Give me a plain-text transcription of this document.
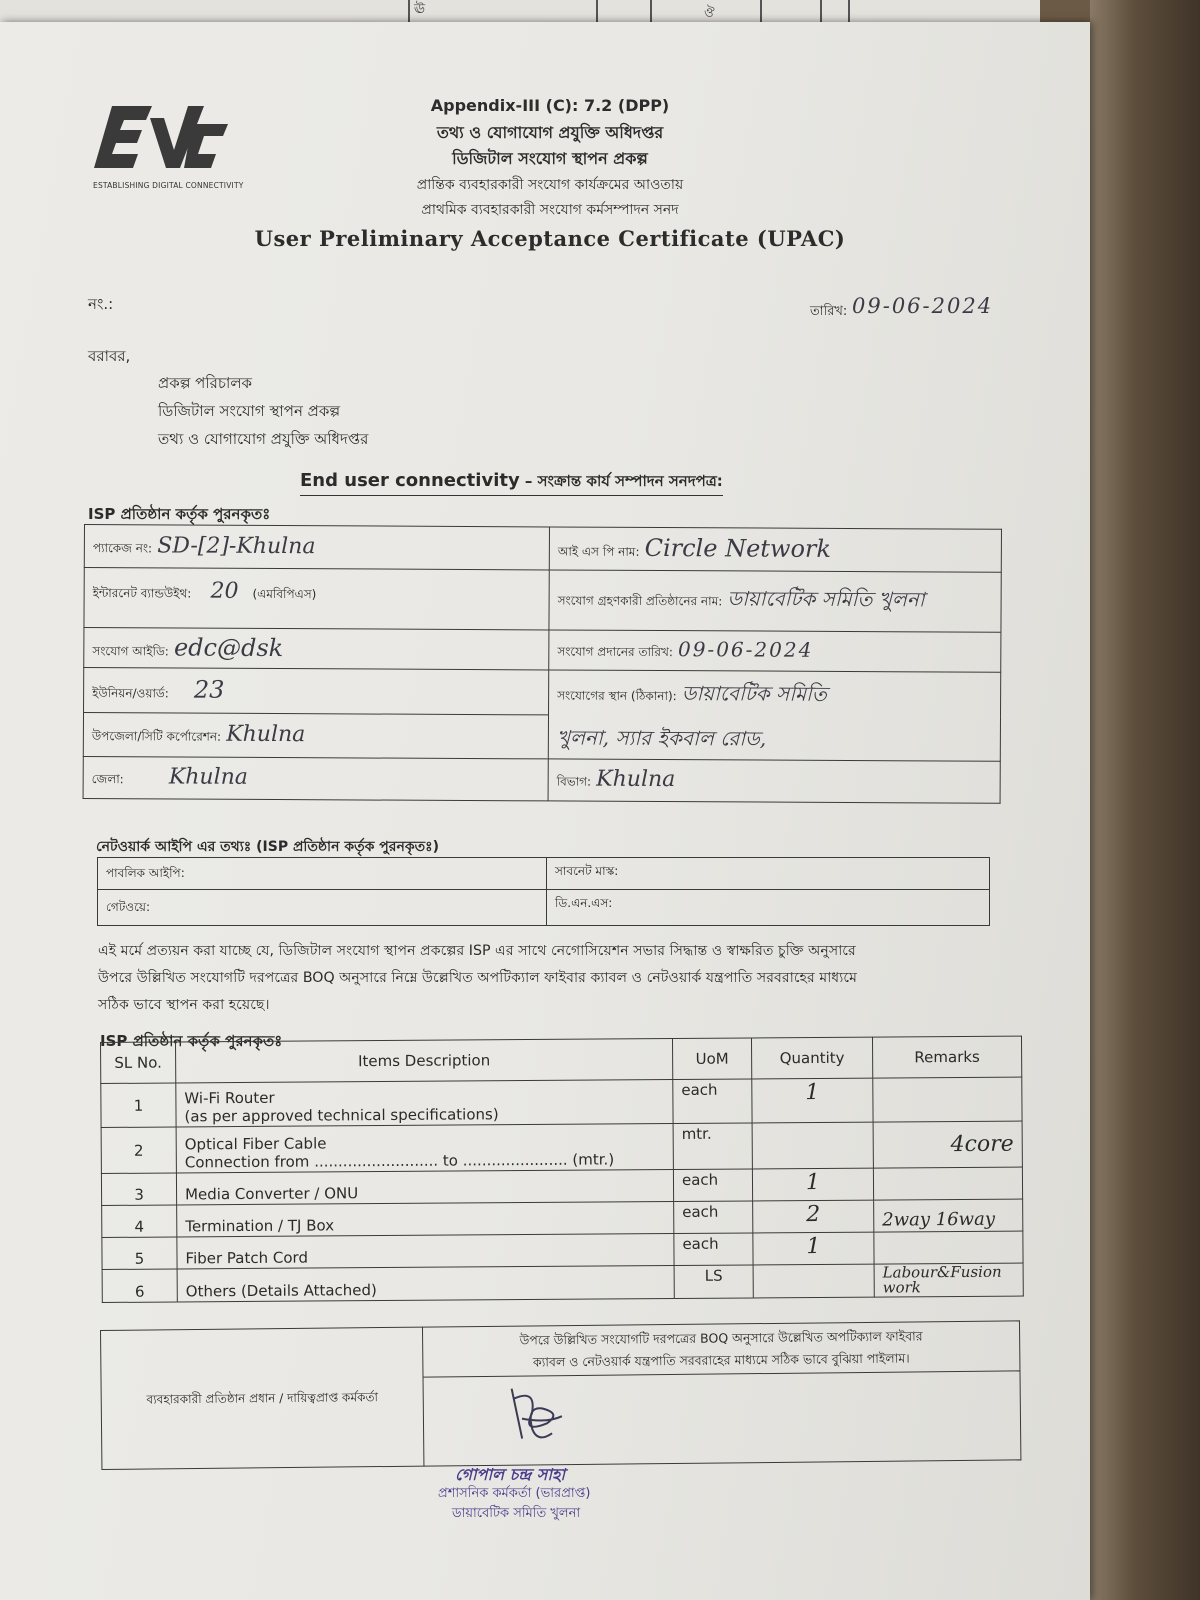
ঊ	ঔ
ESTABLISHING DIGITAL CONNECTIVITY
Appendix-III (C): 7.2 (DPP)
তথ্য ও যোগাযোগ প্রযুক্তি অধিদপ্তর
ডিজিটাল সংযোগ স্থাপন প্রকল্প
প্রান্তিক ব্যবহারকারী সংযোগ কার্যক্রমের আওতায়
প্রাথমিক ব্যবহারকারী সংযোগ কর্মসম্পাদন সনদ
User Preliminary Acceptance Certificate (UPAC)
নং.:	তারিখ: 09-06-2024
বরাবর,
প্রকল্প পরিচালক
ডিজিটাল সংযোগ স্থাপন প্রকল্প
তথ্য ও যোগাযোগ প্রযুক্তি অধিদপ্তর
End user connectivity – সংক্রান্ত কার্য সম্পাদন সনদপত্র:
ISP প্রতিষ্ঠান কর্তৃক পুরনকৃতঃ
প্যাকেজ নং: SD-[2]-Khulna	আই এস পি নাম: Circle Network
ইন্টারনেট ব্যান্ডউইথ: 20 (এমবিপিএস)	সংযোগ গ্রহণকারী প্রতিষ্ঠানের নাম: ডায়াবেটিক সমিতি খুলনা
সংযোগ আইডি: edc@dsk	সংযোগ প্রদানের তারিখ: 09-06-2024
ইউনিয়ন/ওয়ার্ড: 23	সংযোগের স্থান (ঠিকানা): ডায়াবেটিক সমিতি
খুলনা, স্যার ইকবাল রোড,
উপজেলা/সিটি কর্পোরেশন: Khulna	
জেলা: Khulna	বিভাগ: Khulna
নেটওয়ার্ক আইপি এর তথ্যঃ (ISP প্রতিষ্ঠান কর্তৃক পুরনকৃতঃ)
পাবলিক আইপি:	সাবনেট মাস্ক:
গেটওয়ে:	ডি.এন.এস:
এই মর্মে প্রত্যয়ন করা যাচ্ছে যে, ডিজিটাল সংযোগ স্থাপন প্রকল্পের ISP এর সাথে নেগোসিয়েশন সভার সিদ্ধান্ত ও স্বাক্ষরিত চুক্তি অনুসারে
উপরে উল্লিখিত সংযোগটি দরপত্রের BOQ অনুসারে নিম্নে উল্লেখিত অপটিক্যাল ফাইবার ক্যাবল ও নেটওয়ার্ক যন্ত্রপাতি সরবরাহের মাধ্যমে
সঠিক ভাবে স্থাপন করা হয়েছে।
ISP প্রতিষ্ঠান কর্তৃক পুরনকৃতঃ
SL No.	Items Description	UoM	Quantity	Remarks
1	Wi-Fi Router
(as per approved technical specifications)	each	1	
2	Optical Fiber Cable
Connection from .......................... to ...................... (mtr.)	mtr.		4core
3	Media Converter / ONU	each	1	
4	Termination / TJ Box	each	2	2way 16way
5	Fiber Patch Cord	each	1	
6	Others (Details Attached)	LS		Labour&Fusion work
ব্যবহারকারী প্রতিষ্ঠান প্রধান / দায়িত্বপ্রাপ্ত কর্মকর্তা	
উপরে উল্লিখিত সংযোগটি দরপত্রের BOQ অনুসারে উল্লেখিত অপটিক্যাল ফাইবার
ক্যাবল ও নেটওয়ার্ক যন্ত্রপাতি সরবরাহের মাধ্যমে সঠিক ভাবে বুঝিয়া পাইলাম।

গোপাল চন্দ্র সাহা
প্রশাসনিক কর্মকর্তা (ভারপ্রাপ্ত)
ডায়াবেটিক সমিতি খুলনা
